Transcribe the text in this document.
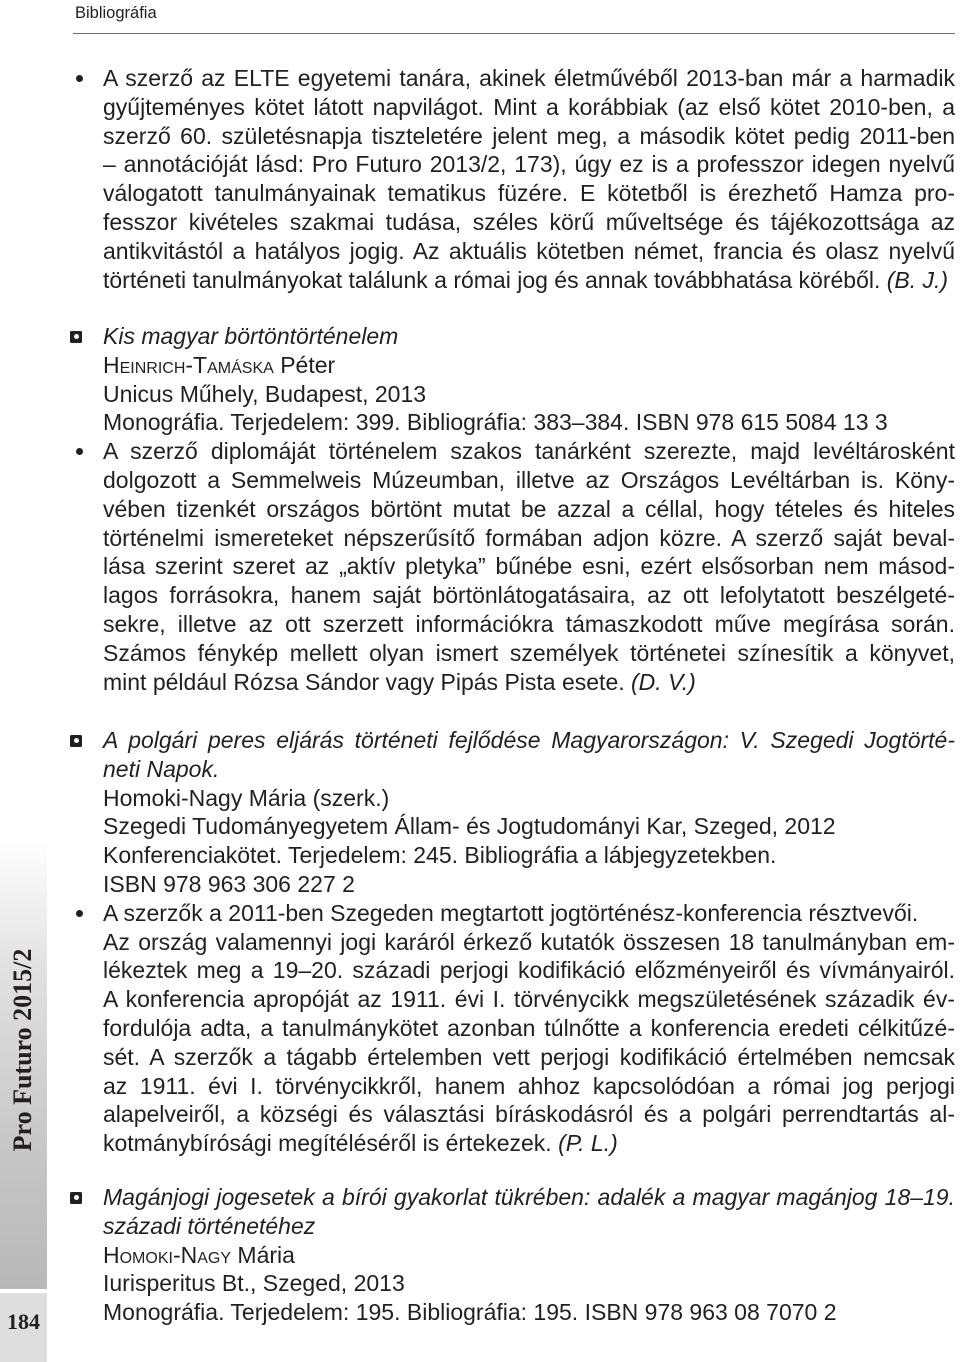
Bibliográfia
Pro Futuro 2015/2
184
A szerző az ELTE egyetemi tanára, akinek életművéből 2013-ban már a harmadik
gyűjteményes kötet látott napvilágot. Mint a korábbiak (az első kötet 2010-ben, a
szerző 60. születésnapja tiszteletére jelent meg, a második kötet pedig 2011-ben
– annotációját lásd: Pro Futuro 2013/2, 173), úgy ez is a professzor idegen nyelvű
válogatott tanulmányainak tematikus füzére. E kötetből is érezhető Hamza pro-
fesszor kivételes szakmai tudása, széles körű műveltsége és tájékozottsága az
antikvitástól a hatályos jogig. Az aktuális kötetben német, francia és olasz nyelvű
történeti tanulmányokat találunk a római jog és annak továbbhatása köréből. (B. J.)
Kis magyar börtöntörténelem
Heinrich-Tamáska Péter
Unicus Műhely, Budapest, 2013
Monográfia. Terjedelem: 399. Bibliográfia: 383–384. ISBN 978 615 5084 13 3
A szerző diplomáját történelem szakos tanárként szerezte, majd levéltárosként
dolgozott a Semmelweis Múzeumban, illetve az Országos Levéltárban is. Köny-
vében tizenkét országos börtönt mutat be azzal a céllal, hogy tételes és hiteles
történelmi ismereteket népszerűsítő formában adjon közre. A szerző saját beval-
lása szerint szeret az „aktív pletyka” bűnébe esni, ezért elsősorban nem másod-
lagos forrásokra, hanem saját börtönlátogatásaira, az ott lefolytatott beszélgeté-
sekre, illetve az ott szerzett információkra támaszkodott műve megírása során.
Számos fénykép mellett olyan ismert személyek történetei színesítik a könyvet,
mint például Rózsa Sándor vagy Pipás Pista esete. (D. V.)
A polgári peres eljárás történeti fejlődése Magyarországon: V. Szegedi Jogtörté-
neti Napok.
Homoki-Nagy Mária (szerk.)
Szegedi Tudományegyetem Állam- és Jogtudományi Kar, Szeged, 2012
Konferenciakötet. Terjedelem: 245. Bibliográfia a lábjegyzetekben.
ISBN 978 963 306 227 2
A szerzők a 2011-ben Szegeden megtartott jogtörténész-konferencia résztvevői.
Az ország valamennyi jogi karáról érkező kutatók összesen 18 tanulmányban em-
lékeztek meg a 19–20. századi perjogi kodifikáció előzményeiről és vívmányairól.
A konferencia apropóját az 1911. évi I. törvénycikk megszületésének századik év-
fordulója adta, a tanulmánykötet azonban túlnőtte a konferencia eredeti célkitűzé-
sét. A szerzők a tágabb értelemben vett perjogi kodifikáció értelmében nemcsak
az 1911. évi I. törvénycikkről, hanem ahhoz kapcsolódóan a római jog perjogi
alapelveiről, a községi és választási bíráskodásról és a polgári perrendtartás al-
kotmánybírósági megítéléséről is értekezek. (P. L.)
Magánjogi jogesetek a bírói gyakorlat tükrében: adalék a magyar magánjog 18–19.
századi történetéhez
Homoki-Nagy Mária
Iurisperitus Bt., Szeged, 2013
Monográfia. Terjedelem: 195. Bibliográfia: 195. ISBN 978 963 08 7070 2
